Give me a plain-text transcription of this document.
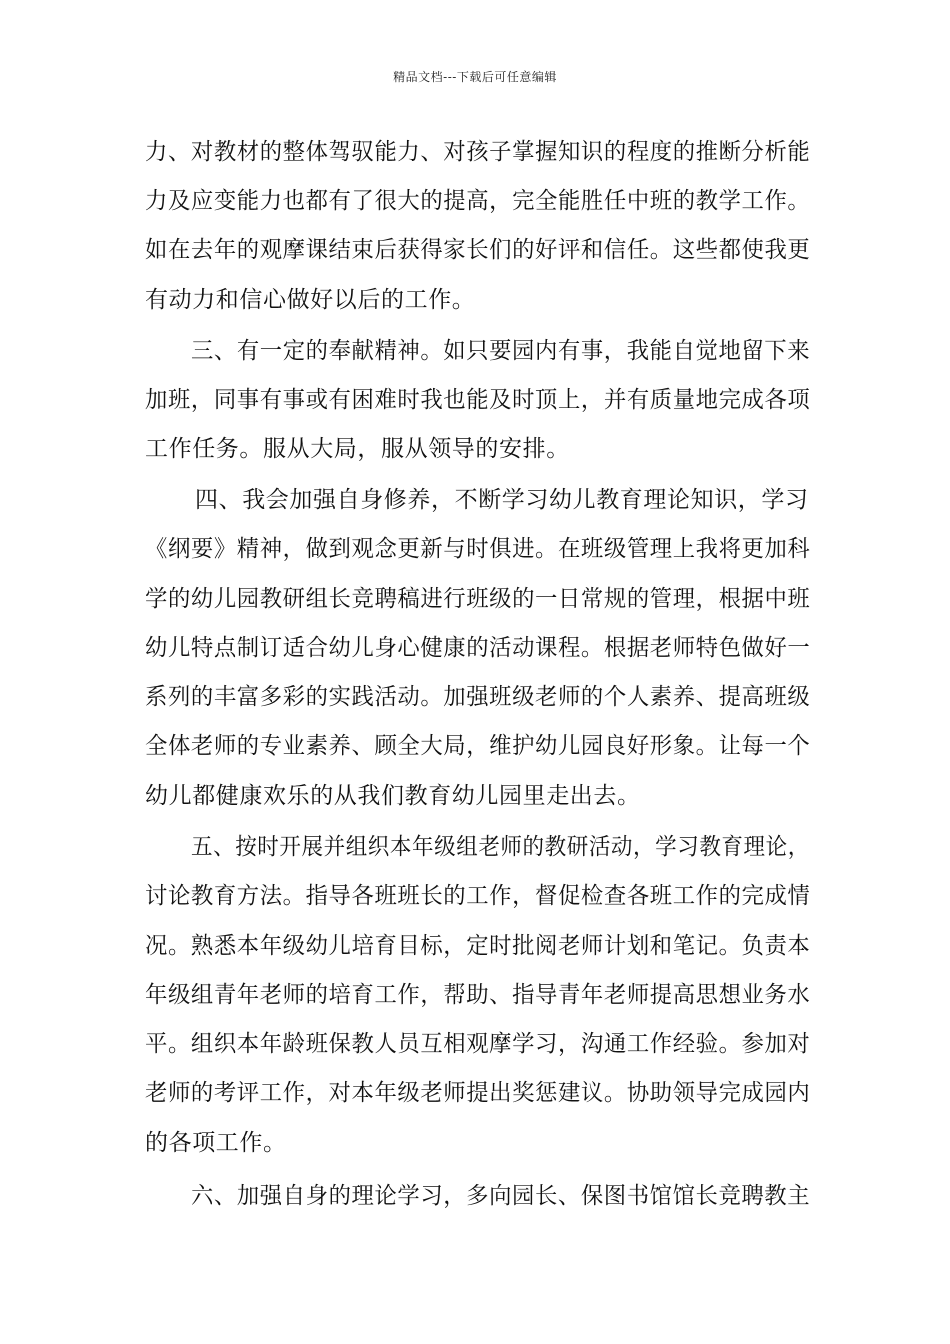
精品文档---下载后可任意编辑
力、对教材的整体驾驭能力、对孩子掌握知识的程度的推断分析能
力及应变能力也都有了很大的提高，完全能胜任中班的教学工作。
如在去年的观摩课结束后获得家长们的好评和信任。这些都使我更
有动力和信心做好以后的工作。
三、有一定的奉献精神。如只要园内有事，我能自觉地留下来
加班，同事有事或有困难时我也能及时顶上，并有质量地完成各项
工作任务。服从大局，服从领导的安排。
四、我会加强自身修养，不断学习幼儿教育理论知识，学习
《纲要》精神，做到观念更新与时俱进。在班级管理上我将更加科
学的幼儿园教研组长竞聘稿进行班级的一日常规的管理，根据中班
幼儿特点制订适合幼儿身心健康的活动课程。根据老师特色做好一
系列的丰富多彩的实践活动。加强班级老师的个人素养、提高班级
全体老师的专业素养、顾全大局，维护幼儿园良好形象。让每一个
幼儿都健康欢乐的从我们教育幼儿园里走出去。
五、按时开展并组织本年级组老师的教研活动，学习教育理论，
讨论教育方法。指导各班班长的工作，督促检查各班工作的完成情
况。熟悉本年级幼儿培育目标，定时批阅老师计划和笔记。负责本
年级组青年老师的培育工作，帮助、指导青年老师提高思想业务水
平。组织本年龄班保教人员互相观摩学习，沟通工作经验。参加对
老师的考评工作，对本年级老师提出奖惩建议。协助领导完成园内
的各项工作。
六、加强自身的理论学习，多向园长、保图书馆馆长竞聘教主
